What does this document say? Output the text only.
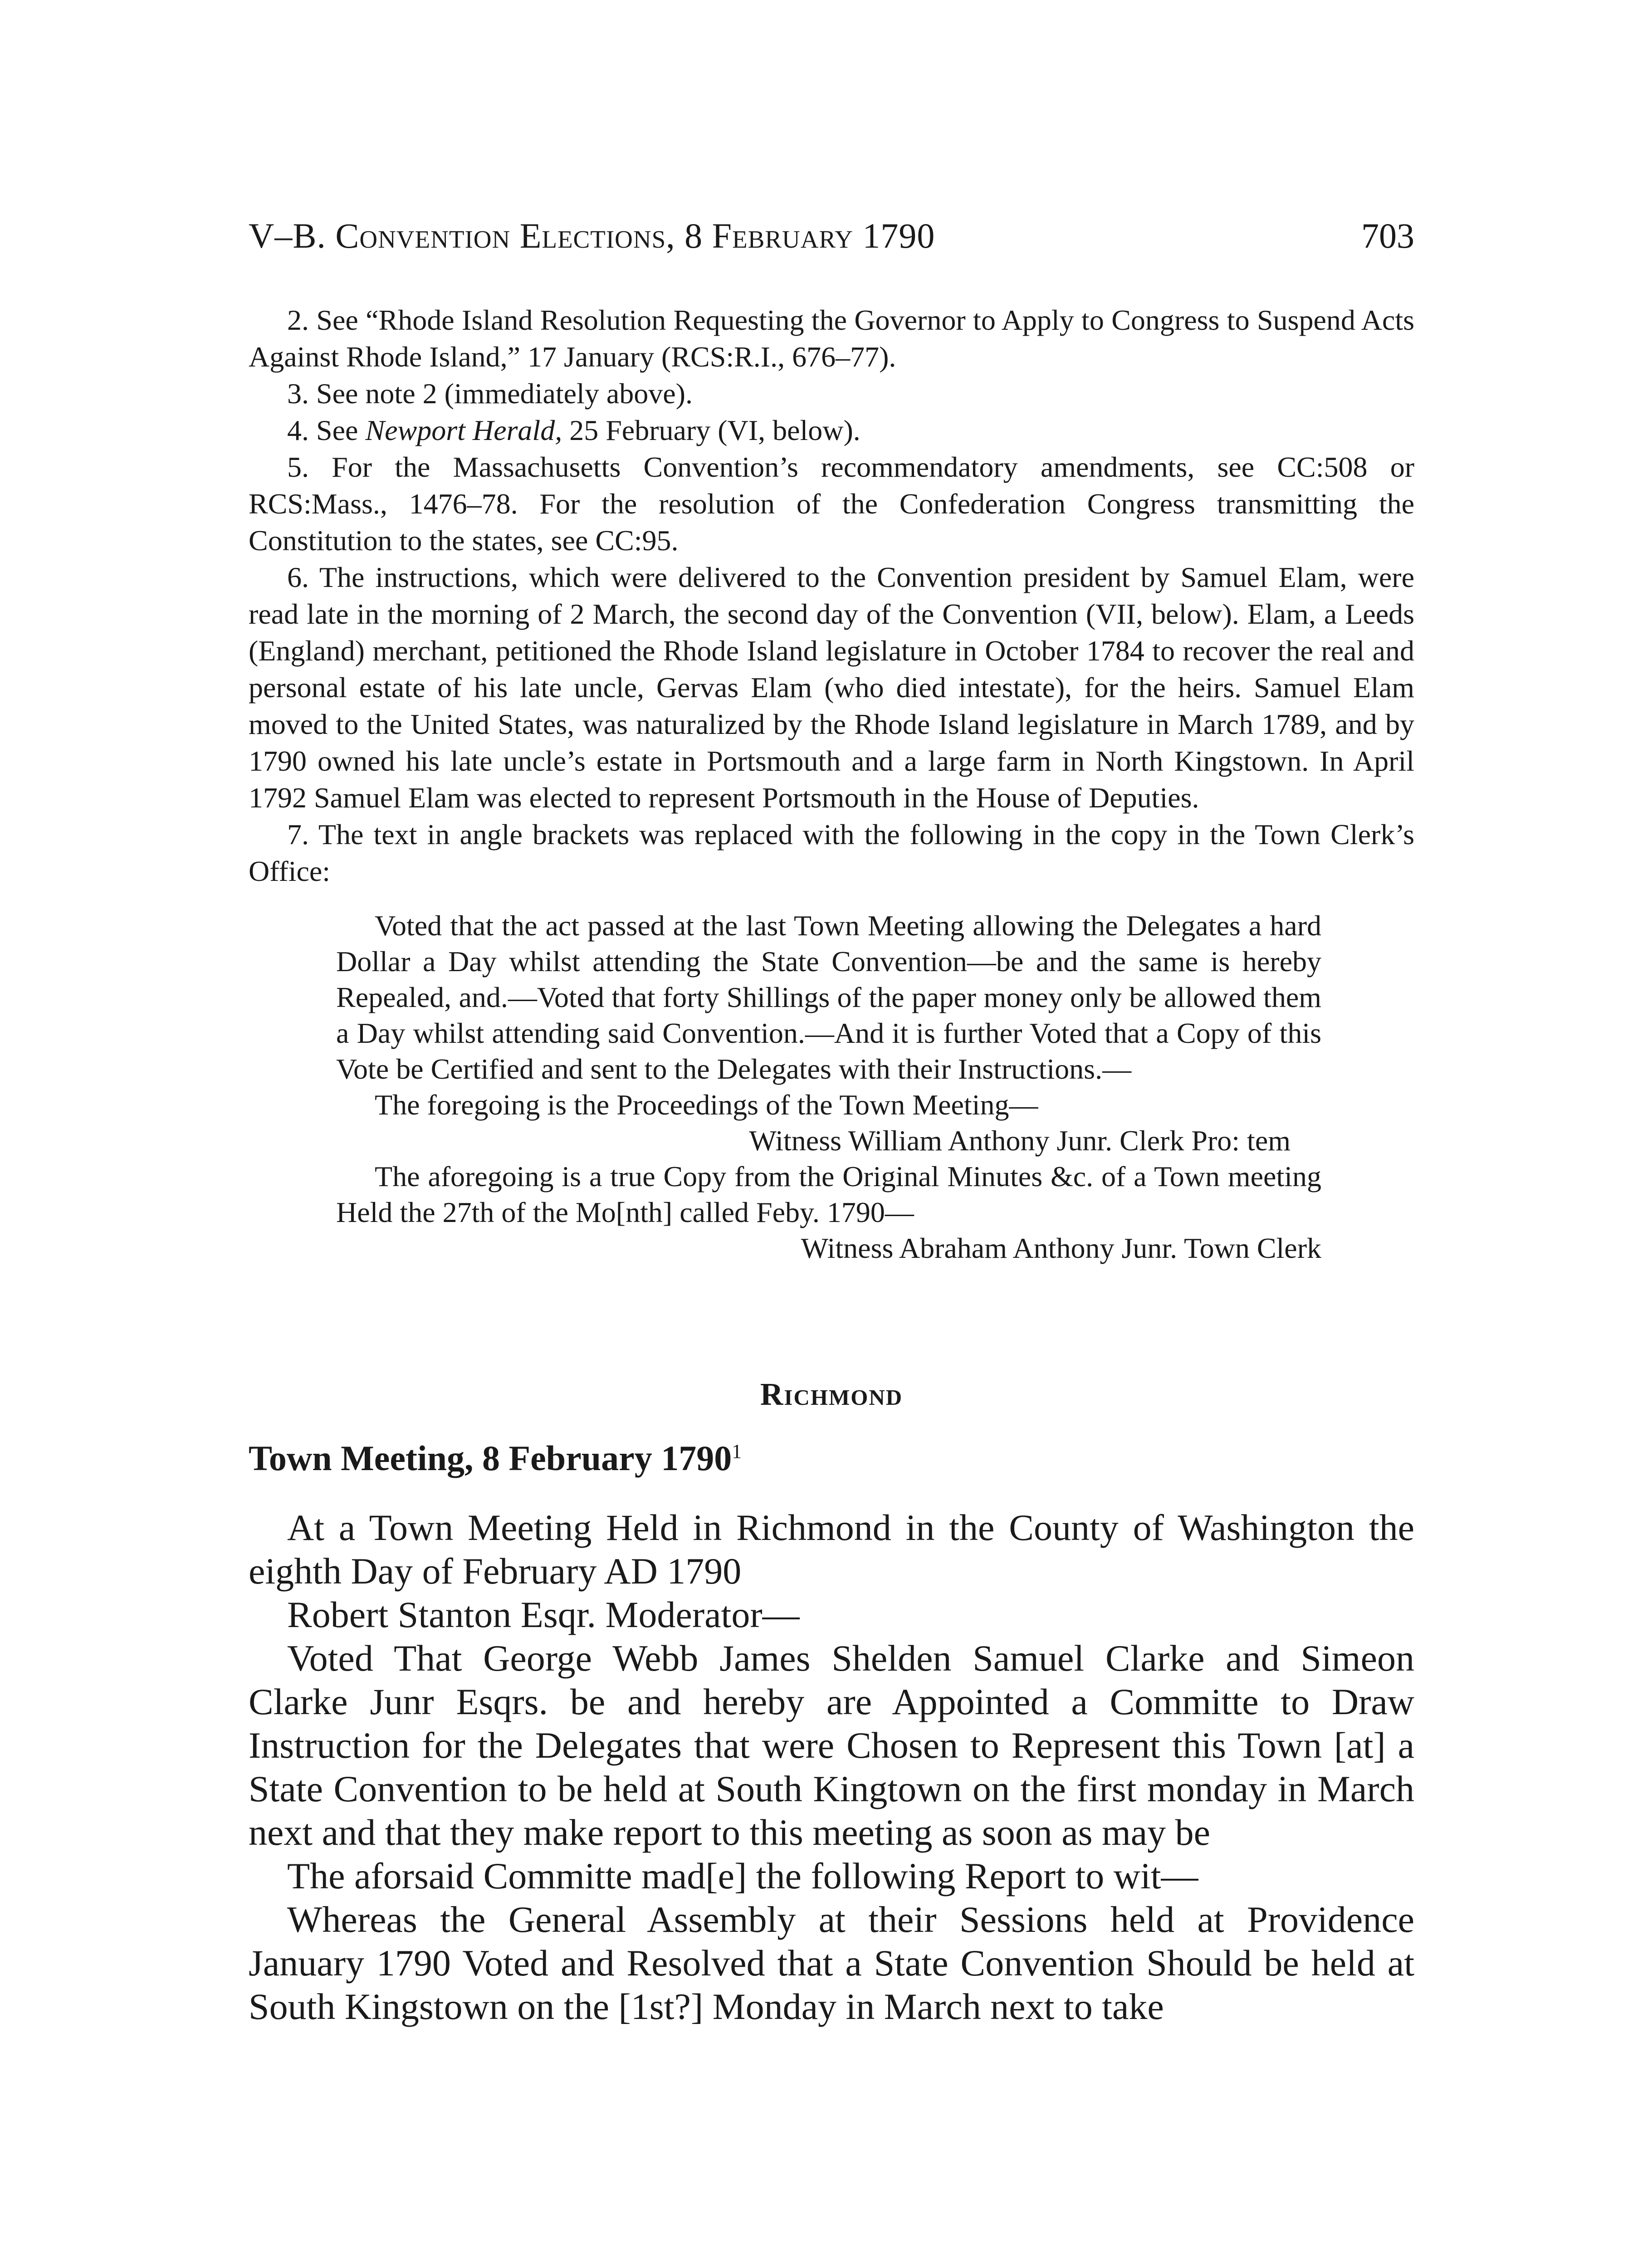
V–B. Convention Elections, 8 February 1790	703

2. See “Rhode Island Resolution Requesting the Governor to Apply to Congress to Suspend Acts Against Rhode Island,” 17 January (RCS:R.I., 676–77).

3. See note 2 (immediately above).

4. See Newport Herald, 25 February (VI, below).

5. For the Massachusetts Convention’s recommendatory amendments, see CC:508 or RCS:Mass., 1476–78. For the resolution of the Confederation Congress transmitting the Constitution to the states, see CC:95.

6. The instructions, which were delivered to the Convention president by Samuel Elam, were read late in the morning of 2 March, the second day of the Convention (VII, below). Elam, a Leeds (England) merchant, petitioned the Rhode Island legislature in October 1784 to recover the real and personal estate of his late uncle, Gervas Elam (who died intestate), for the heirs. Samuel Elam moved to the United States, was naturalized by the Rhode Island legislature in March 1789, and by 1790 owned his late uncle’s estate in Portsmouth and a large farm in North Kingstown. In April 1792 Samuel Elam was elected to represent Portsmouth in the House of Deputies.

7. The text in angle brackets was replaced with the following in the copy in the Town Clerk’s Office:

Voted that the act passed at the last Town Meeting allowing the Delegates a hard Dollar a Day whilst attending the State Convention—be and the same is hereby Repealed, and.—Voted that forty Shillings of the paper money only be allowed them a Day whilst attending said Convention.—And it is further Voted that a Copy of this Vote be Certified and sent to the Delegates with their Instructions.—

The foregoing is the Proceedings of the Town Meeting—

Witness William Anthony Junr. Clerk Pro: tem

The aforegoing is a true Copy from the Original Minutes &c. of a Town meeting Held the 27th of the Mo[nth] called Feby. 1790—

Witness Abraham Anthony Junr. Town Clerk

Richmond
Town Meeting, 8 February 1790$^1$

At a Town Meeting Held in Richmond in the County of Washington the eighth Day of February AD 1790

Robert Stanton Esqr. Moderator—

Voted That George Webb James Shelden Samuel Clarke and Simeon Clarke Junr Esqrs. be and hereby are Appointed a Committe to Draw Instruction for the Delegates that were Chosen to Represent this Town [at] a State Convention to be held at South Kingtown on the first monday in March next and that they make report to this meeting as soon as may be

The aforsaid Committe mad[e] the following Report to wit—

Whereas the General Assembly at their Sessions held at Providence January 1790 Voted and Resolved that a State Convention Should be held at South Kingstown on the [1st?] Monday in March next to take
